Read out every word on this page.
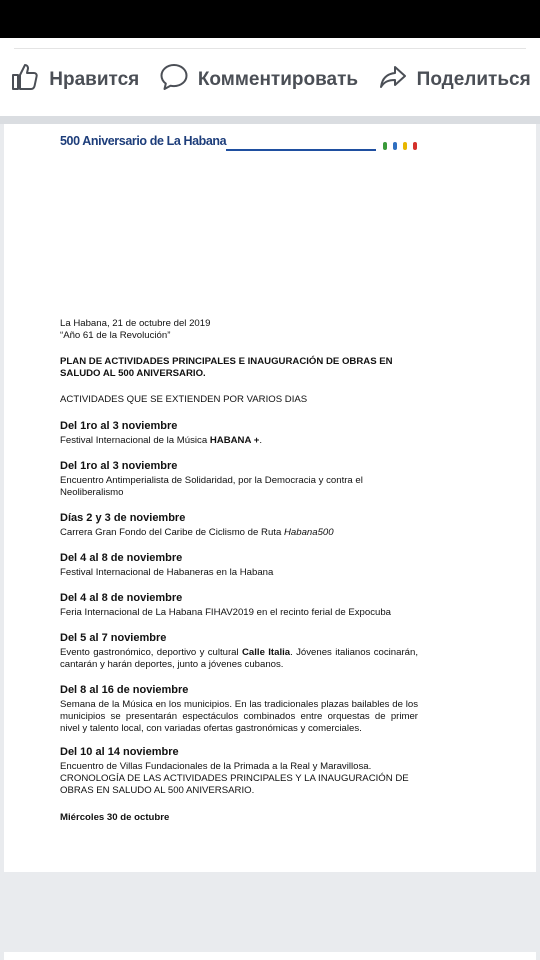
Нравится	Комментировать	Поделиться
500 Aniversario de La Habana
La Habana, 21 de octubre del 2019
“Año 61 de la Revolución”
PLAN DE ACTIVIDADES PRINCIPALES E INAUGURACIÓN DE OBRAS EN SALUDO AL 500 ANIVERSARIO.
ACTIVIDADES QUE SE EXTIENDEN POR VARIOS DIAS
Del 1ro al 3 noviembre
Festival Internacional de la Música HABANA +.
Del 1ro al 3 noviembre
Encuentro Antimperialista de Solidaridad, por la Democracia y contra el Neoliberalismo
Días 2 y 3 de noviembre
Carrera Gran Fondo del Caribe de Ciclismo de Ruta Habana500
Del 4 al 8 de noviembre
Festival Internacional de Habaneras en la Habana
Del 4 al 8 de noviembre
Feria Internacional de La Habana FIHAV2019 en el recinto ferial de Expocuba
Del 5 al 7 noviembre
Evento gastronómico, deportivo y cultural Calle Italia. Jóvenes italianos cocinarán, cantarán y harán deportes, junto a jóvenes cubanos.
Del 8 al 16 de noviembre
Semana de la Música en los municipios. En las tradicionales plazas bailables de los municipios se presentarán espectáculos combinados entre orquestas de primer nivel y talento local, con variadas ofertas gastronómicas y comerciales.
Del 10 al 14 noviembre
Encuentro de Villas Fundacionales de la Primada a la Real y Maravillosa.
CRONOLOGÍA DE LAS ACTIVIDADES PRINCIPALES Y LA INAUGURACIÓN DE OBRAS EN SALUDO AL 500 ANIVERSARIO.
Miércoles 30 de octubre
